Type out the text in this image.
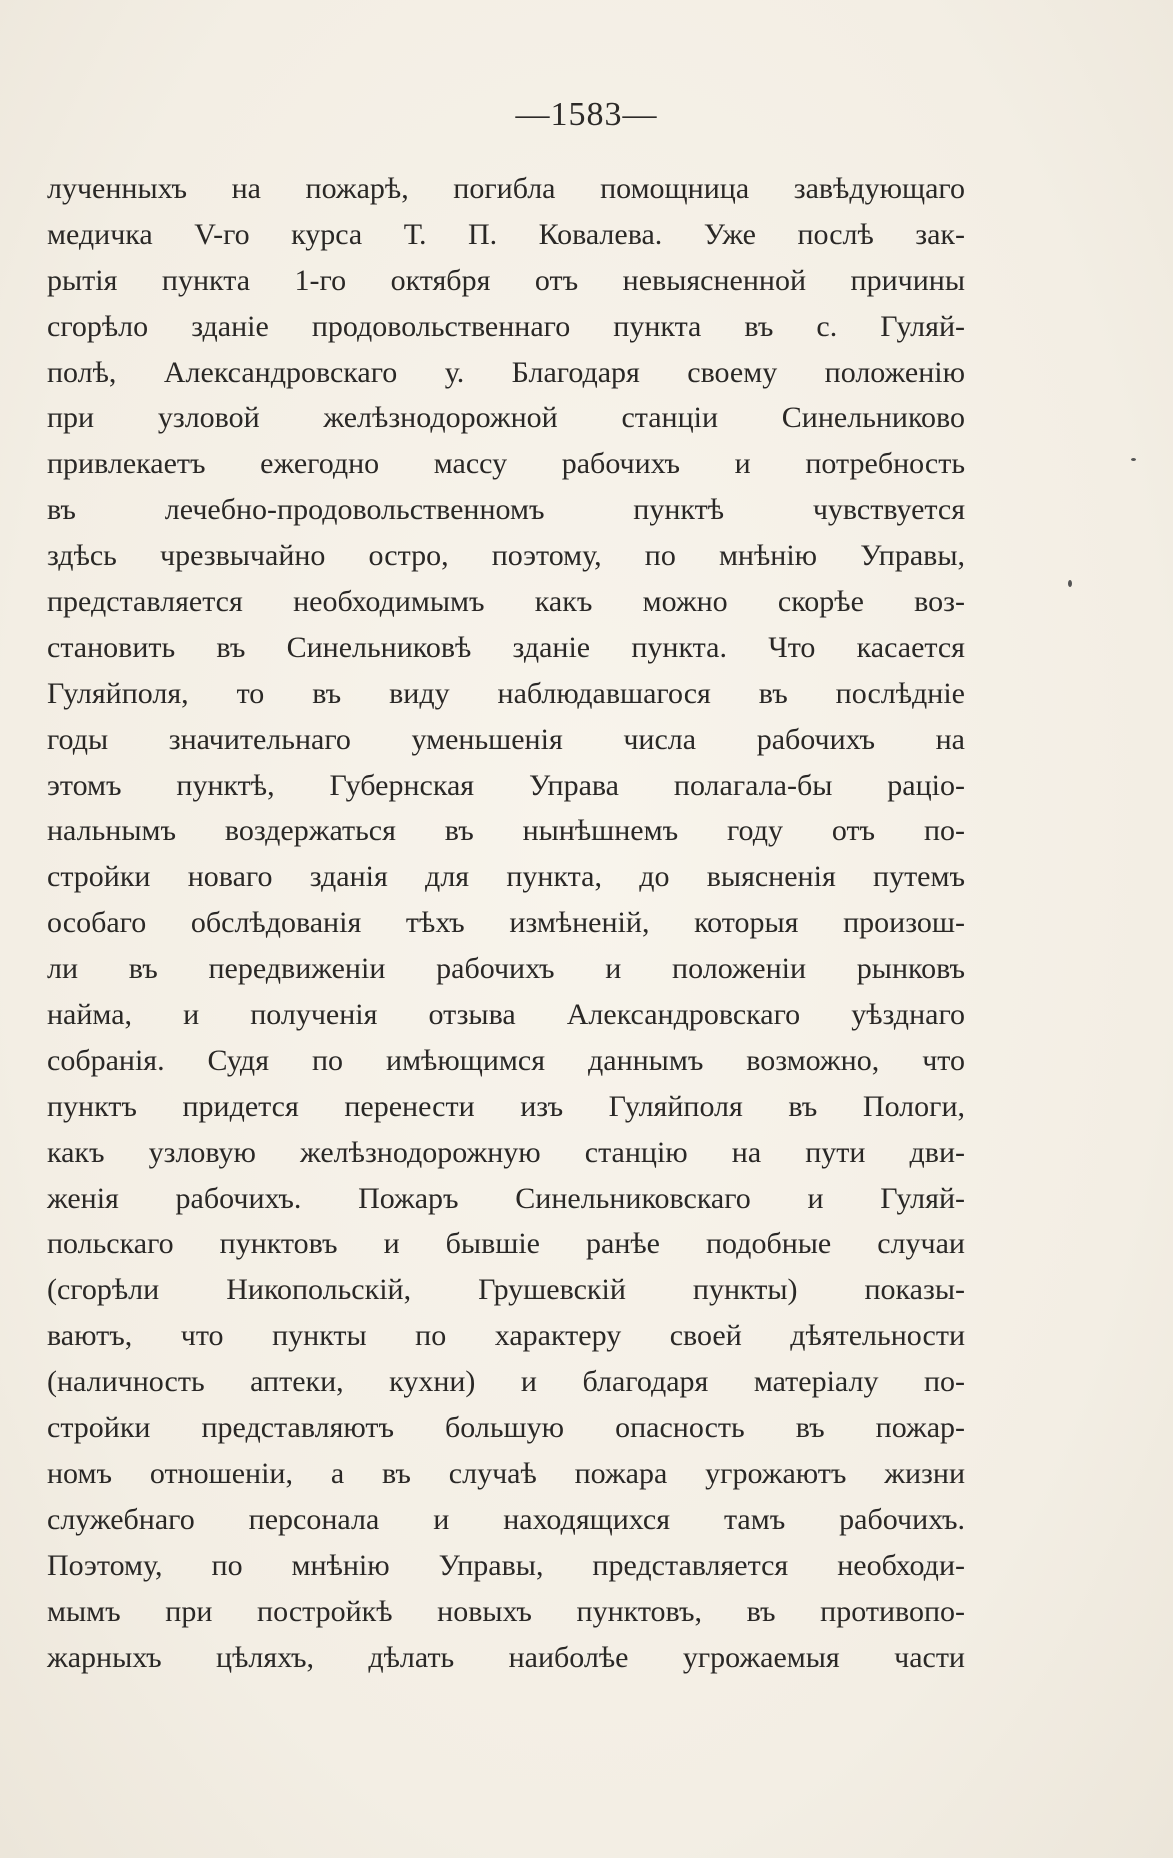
—1583—
лученныхъ на пожарѣ, погибла помощница завѣдующаго
медичка V-го курса Т. П. Ковалева. Уже послѣ зак-
рытія пункта 1-го октября отъ невыясненной причины
сгорѣло зданіе продовольственнаго пункта въ с. Гуляй-
полѣ, Александровскаго у. Благодаря своему положенію
при узловой желѣзнодорожной станціи Синельниково
привлекаетъ ежегодно массу рабочихъ и потребность
въ лечебно-продовольственномъ пунктѣ чувствуется
здѣсь чрезвычайно остро, поэтому, по мнѣнію Управы,
представляется необходимымъ какъ можно скорѣе воз-
становить въ Синельниковѣ зданіе пункта. Что касается
Гуляйполя, то въ виду наблюдавшагося въ послѣдніе
годы значительнаго уменьшенія числа рабочихъ на
этомъ пунктѣ, Губернская Управа полагала-бы раціо-
нальнымъ воздержаться въ нынѣшнемъ году отъ по-
стройки новаго зданія для пункта, до выясненія путемъ
особаго обслѣдованія тѣхъ измѣненій, которыя произош-
ли въ передвиженіи рабочихъ и положеніи рынковъ
найма, и полученія отзыва Александровскаго уѣзднаго
собранія. Судя по имѣющимся даннымъ возможно, что
пунктъ придется перенести изъ Гуляйполя въ Пологи,
какъ узловую желѣзнодорожную станцію на пути дви-
женія рабочихъ. Пожаръ Синельниковскаго и Гуляй-
польскаго пунктовъ и бывшіе ранѣе подобные случаи
(сгорѣли Никопольскій, Грушевскій пункты) показы-
ваютъ, что пункты по характеру своей дѣятельности
(наличность аптеки, кухни) и благодаря матеріалу по-
стройки представляютъ большую опасность въ пожар-
номъ отношеніи, а въ случаѣ пожара угрожаютъ жизни
служебнаго персонала и находящихся тамъ рабочихъ.
Поэтому, по мнѣнію Управы, представляется необходи-
мымъ при постройкѣ новыхъ пунктовъ, въ противопо-
жарныхъ цѣляхъ, дѣлать наиболѣе угрожаемыя части
